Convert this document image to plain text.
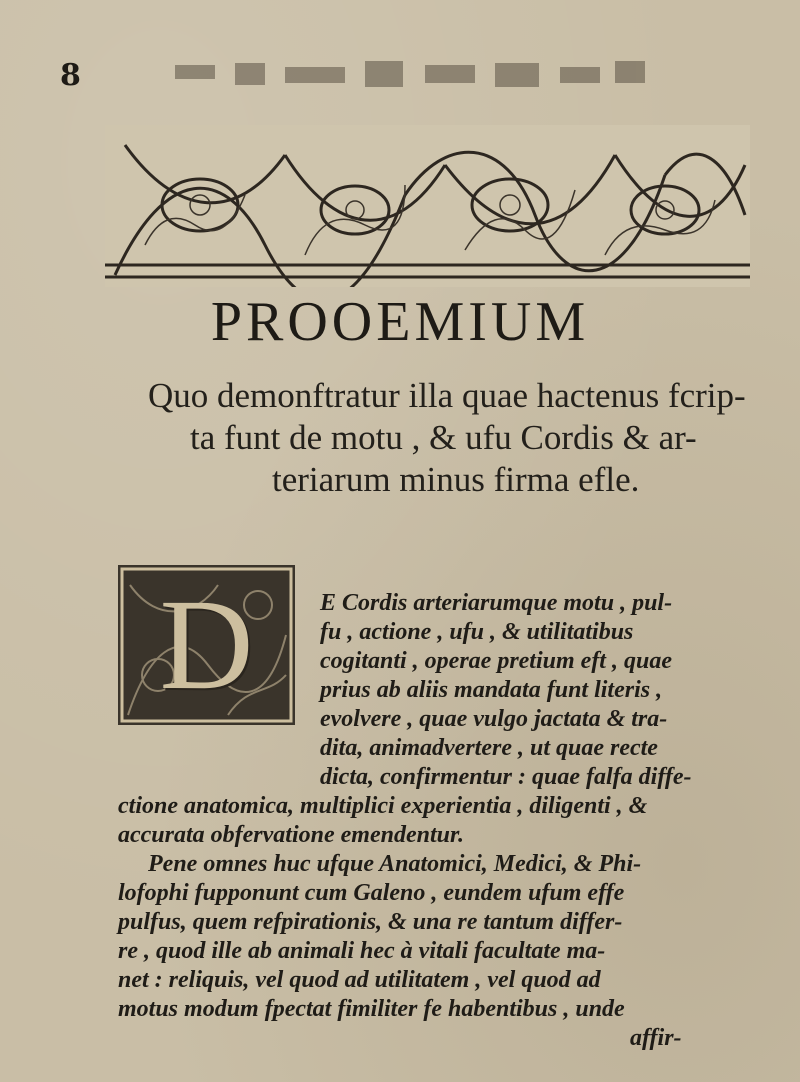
8
PROOEMIUM
Quo demonftratur illa quae hactenus fcrip-
ta funt de motu , & ufu Cordis & ar-
teriarum minus firma efle.
D	E Cordis arteriarumque motu , pul-
fu , actione , ufu , & utilitatibus
cogitanti , operae pretium eft , quae
prius ab aliis mandata funt literis ,
evolvere , quae vulgo jactata & tra-
dita, animadvertere , ut quae recte
dicta, confirmentur : quae falfa diffe-
ctione anatomica, multiplici experientia , diligenti , &
accurata obfervatione emendentur.
Pene omnes huc ufque Anatomici, Medici, & Phi-
lofophi fupponunt cum Galeno , eundem ufum effe
pulfus, quem refpirationis, & una re tantum differ-
re , quod ille ab animali hec à vitali facultate ma-
net : reliquis, vel quod ad utilitatem , vel quod ad
motus modum fpectat fimiliter fe habentibus , unde
affir-
